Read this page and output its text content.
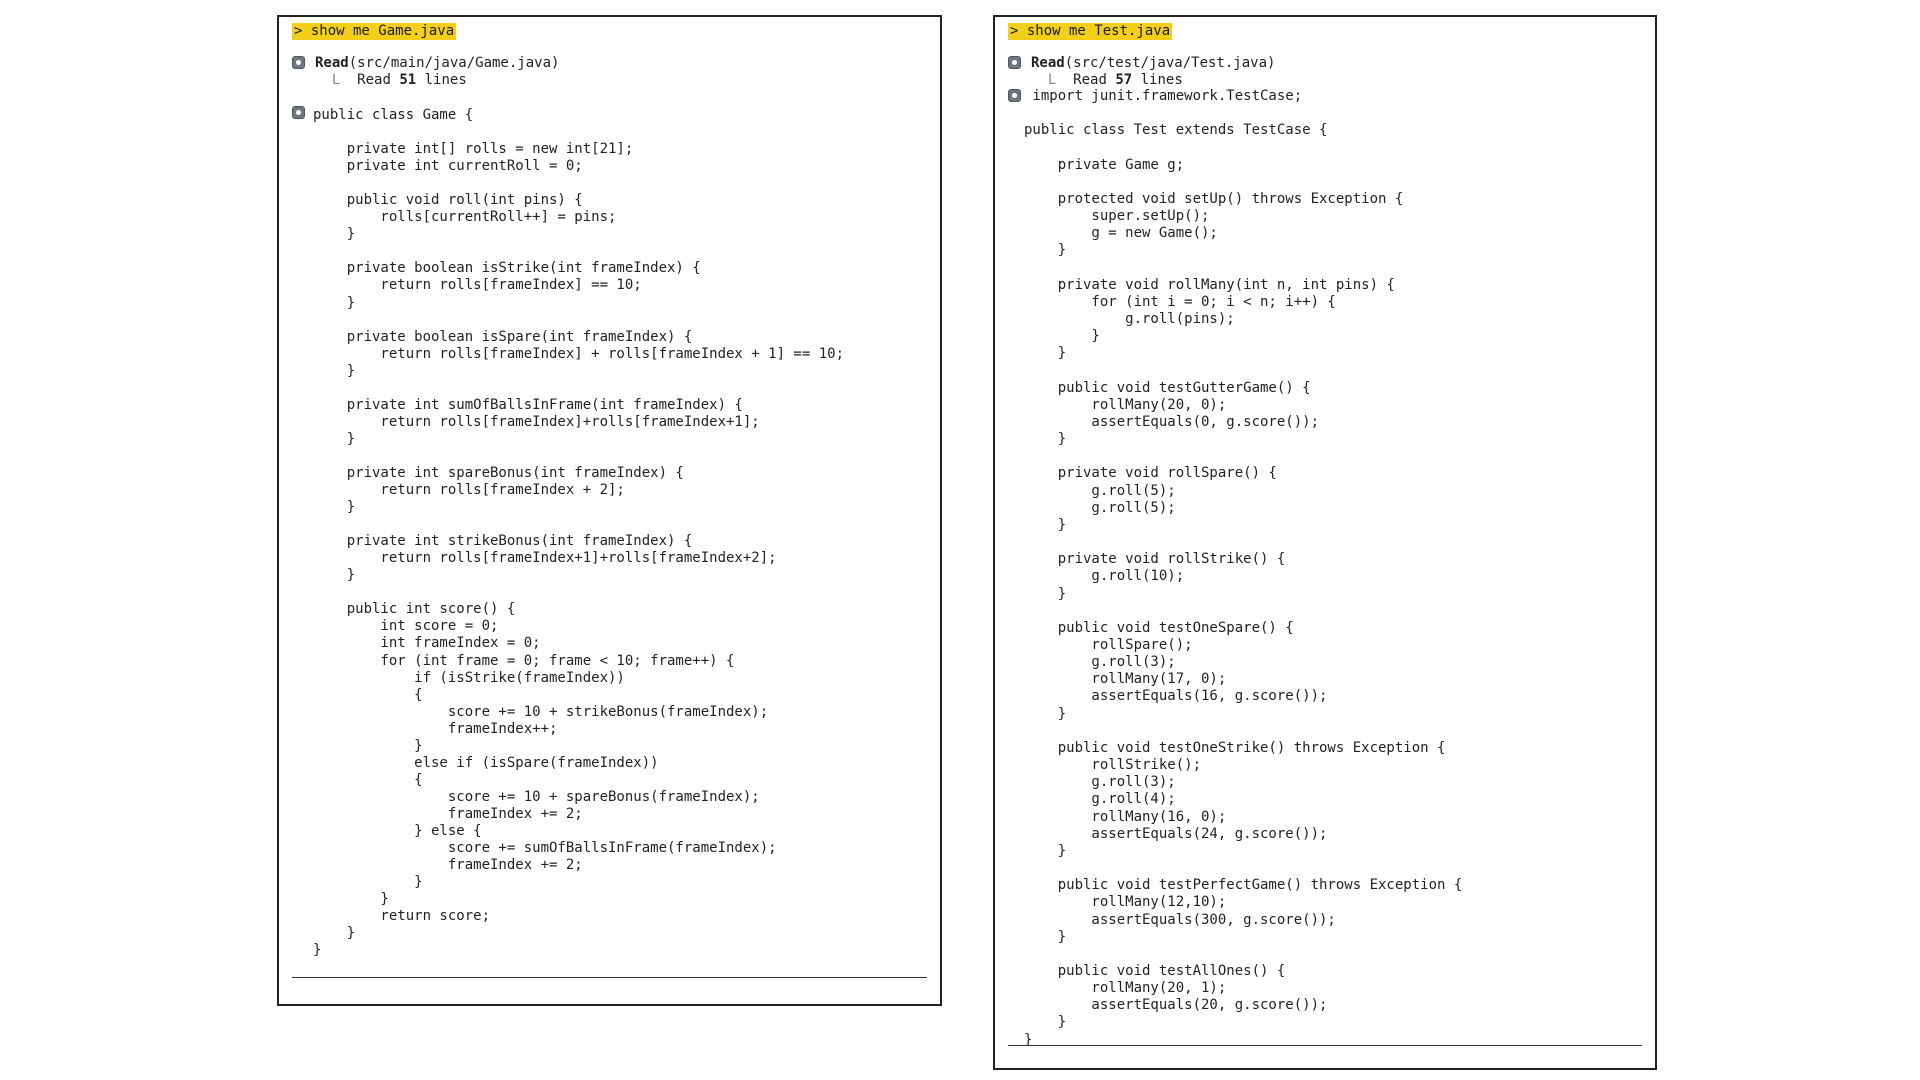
> show me Game.java
Read(src/main/java/Game.java)
L Read 51 lines
public class Game {

private int[] rolls = new int[21];
private int currentRoll = 0;

public void roll(int pins) {
rolls[currentRoll++] = pins;
}

private boolean isStrike(int frameIndex) {
return rolls[frameIndex] == 10;
}

private boolean isSpare(int frameIndex) {
return rolls[frameIndex] + rolls[frameIndex + 1] == 10;
}

private int sumOfBallsInFrame(int frameIndex) {
return rolls[frameIndex]+rolls[frameIndex+1];
}

private int spareBonus(int frameIndex) {
return rolls[frameIndex + 2];
}

private int strikeBonus(int frameIndex) {
return rolls[frameIndex+1]+rolls[frameIndex+2];
}

public int score() {
int score = 0;
int frameIndex = 0;
for (int frame = 0; frame < 10; frame++) {
if (isStrike(frameIndex))
{
score += 10 + strikeBonus(frameIndex);
frameIndex++;
}
else if (isSpare(frameIndex))
{
score += 10 + spareBonus(frameIndex);
frameIndex += 2;
} else {
score += sumOfBallsInFrame(frameIndex);
frameIndex += 2;
}
}
return score;
}
}
> show me Test.java
Read(src/test/java/Test.java)
L Read 57 lines
import junit.framework.TestCase;

public class Test extends TestCase {

private Game g;

protected void setUp() throws Exception {
super.setUp();
g = new Game();
}

private void rollMany(int n, int pins) {
for (int i = 0; i < n; i++) {
g.roll(pins);
}
}

public void testGutterGame() {
rollMany(20, 0);
assertEquals(0, g.score());
}

private void rollSpare() {
g.roll(5);
g.roll(5);
}

private void rollStrike() {
g.roll(10);
}

public void testOneSpare() {
rollSpare();
g.roll(3);
rollMany(17, 0);
assertEquals(16, g.score());
}

public void testOneStrike() throws Exception {
rollStrike();
g.roll(3);
g.roll(4);
rollMany(16, 0);
assertEquals(24, g.score());
}

public void testPerfectGame() throws Exception {
rollMany(12,10);
assertEquals(300, g.score());
}

public void testAllOnes() {
rollMany(20, 1);
assertEquals(20, g.score());
}
}
